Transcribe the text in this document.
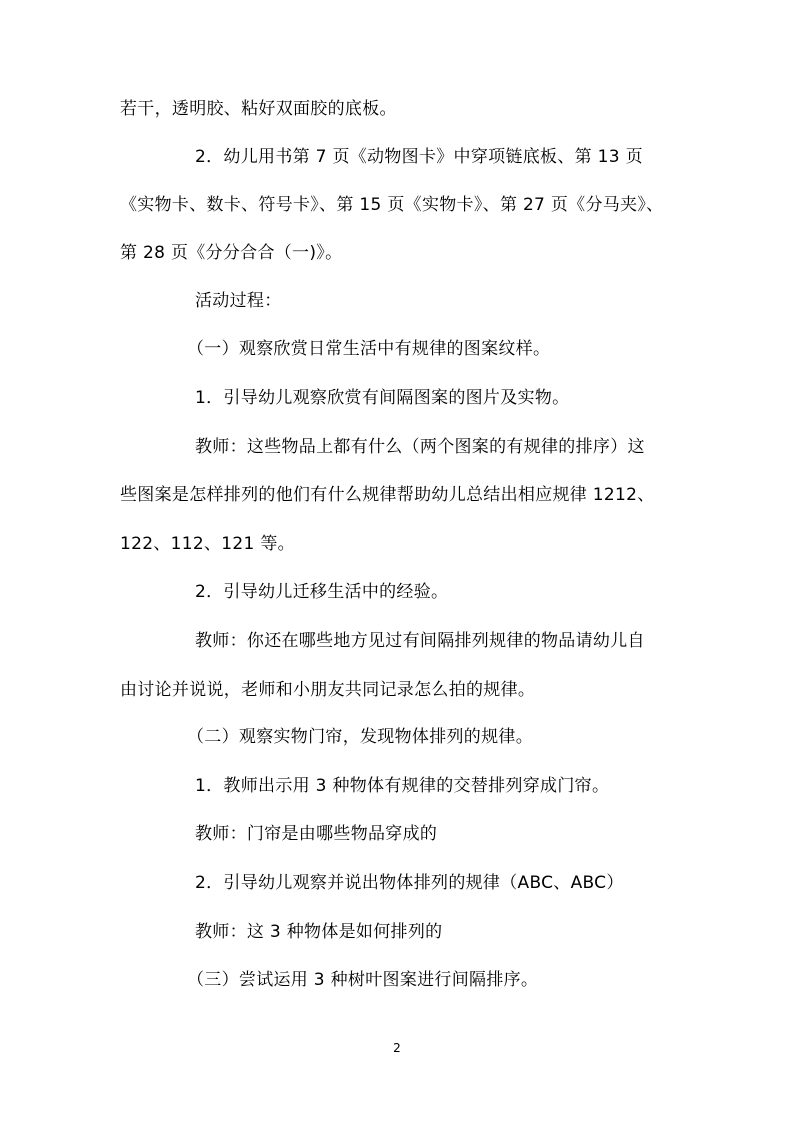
若干，透明胶、粘好双面胶的底板。
2．幼儿用书第 7 页《动物图卡》中穿项链底板、第 13 页
《实物卡、数卡、符号卡》、第 15 页《实物卡》、第 27 页《分马夹》、
第 28 页《分分合合（一)》。
活动过程：
（一）观察欣赏日常生活中有规律的图案纹样。
1．引导幼儿观察欣赏有间隔图案的图片及实物。
教师：这些物品上都有什么（两个图案的有规律的排序）这
些图案是怎样排列的他们有什么规律帮助幼儿总结出相应规律 1212、
122、112、121 等。
2．引导幼儿迁移生活中的经验。
教师：你还在哪些地方见过有间隔排列规律的物品请幼儿自
由讨论并说说，老师和小朋友共同记录怎么拍的规律。
（二）观察实物门帘，发现物体排列的规律。
1．教师出示用 3 种物体有规律的交替排列穿成门帘。
教师：门帘是由哪些物品穿成的
2．引导幼儿观察并说出物体排列的规律（ABC、ABC）
教师：这 3 种物体是如何排列的
（三）尝试运用 3 种树叶图案进行间隔排序。
2
